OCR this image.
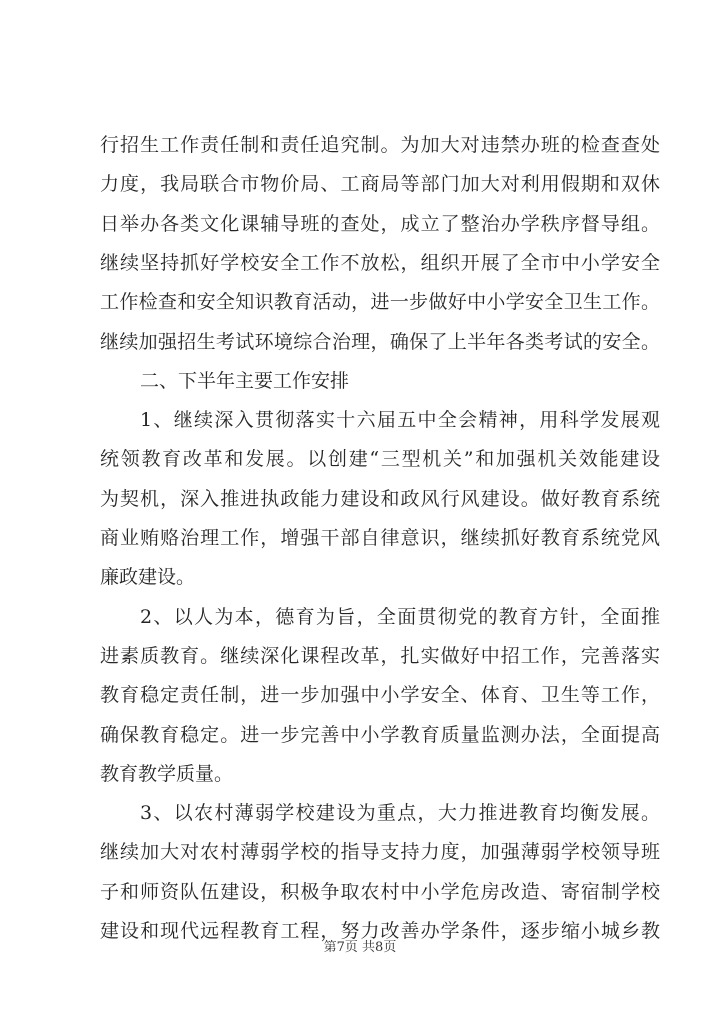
行招生工作责任制和责任追究制。为加大对违禁办班的检查查处
力度，我局联合市物价局、工商局等部门加大对利用假期和双休
日举办各类文化课辅导班的查处，成立了整治办学秩序督导组。
继续坚持抓好学校安全工作不放松，组织开展了全市中小学安全
工作检查和安全知识教育活动，进一步做好中小学安全卫生工作。
继续加强招生考试环境综合治理，确保了上半年各类考试的安全。
二、下半年主要工作安排
1、继续深入贯彻落实十六届五中全会精神，用科学发展观
统领教育改革和发展。以创建“三型机关”和加强机关效能建设
为契机，深入推进执政能力建设和政风行风建设。做好教育系统
商业贿赂治理工作，增强干部自律意识，继续抓好教育系统党风
廉政建设。
2、以人为本，德育为旨，全面贯彻党的教育方针，全面推
进素质教育。继续深化课程改革，扎实做好中招工作，完善落实
教育稳定责任制，进一步加强中小学安全、体育、卫生等工作，
确保教育稳定。进一步完善中小学教育质量监测办法，全面提高
教育教学质量。
3、以农村薄弱学校建设为重点，大力推进教育均衡发展。
继续加大对农村薄弱学校的指导支持力度，加强薄弱学校领导班
子和师资队伍建设，积极争取农村中小学危房改造、寄宿制学校
建设和现代远程教育工程，努力改善办学条件，逐步缩小城乡教
第7页 共8页
